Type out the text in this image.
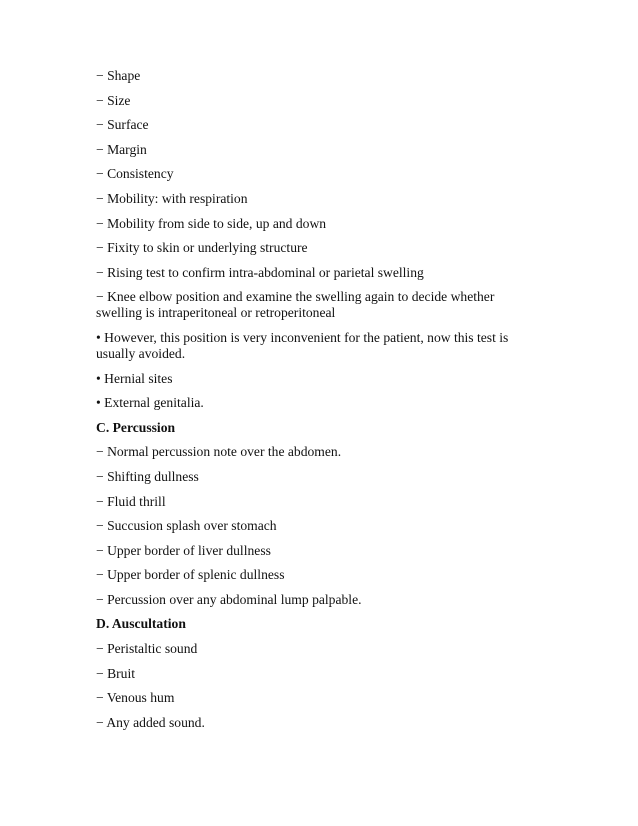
− Shape
− Size
− Surface
− Margin
− Consistency
− Mobility: with respiration
− Mobility from side to side, up and down
− Fixity to skin or underlying structure
− Rising test to confirm intra-abdominal or parietal swelling
− Knee elbow position and examine the swelling again to decide whether swelling is intraperitoneal or retroperitoneal
• However, this position is very inconvenient for the patient, now this test is usually avoided.
• Hernial sites
• External genitalia.
C. Percussion
− Normal percussion note over the abdomen.
− Shifting dullness
− Fluid thrill
− Succusion splash over stomach
− Upper border of liver dullness
− Upper border of splenic dullness
− Percussion over any abdominal lump palpable.
D. Auscultation
− Peristaltic sound
− Bruit
− Venous hum
− Any added sound.
